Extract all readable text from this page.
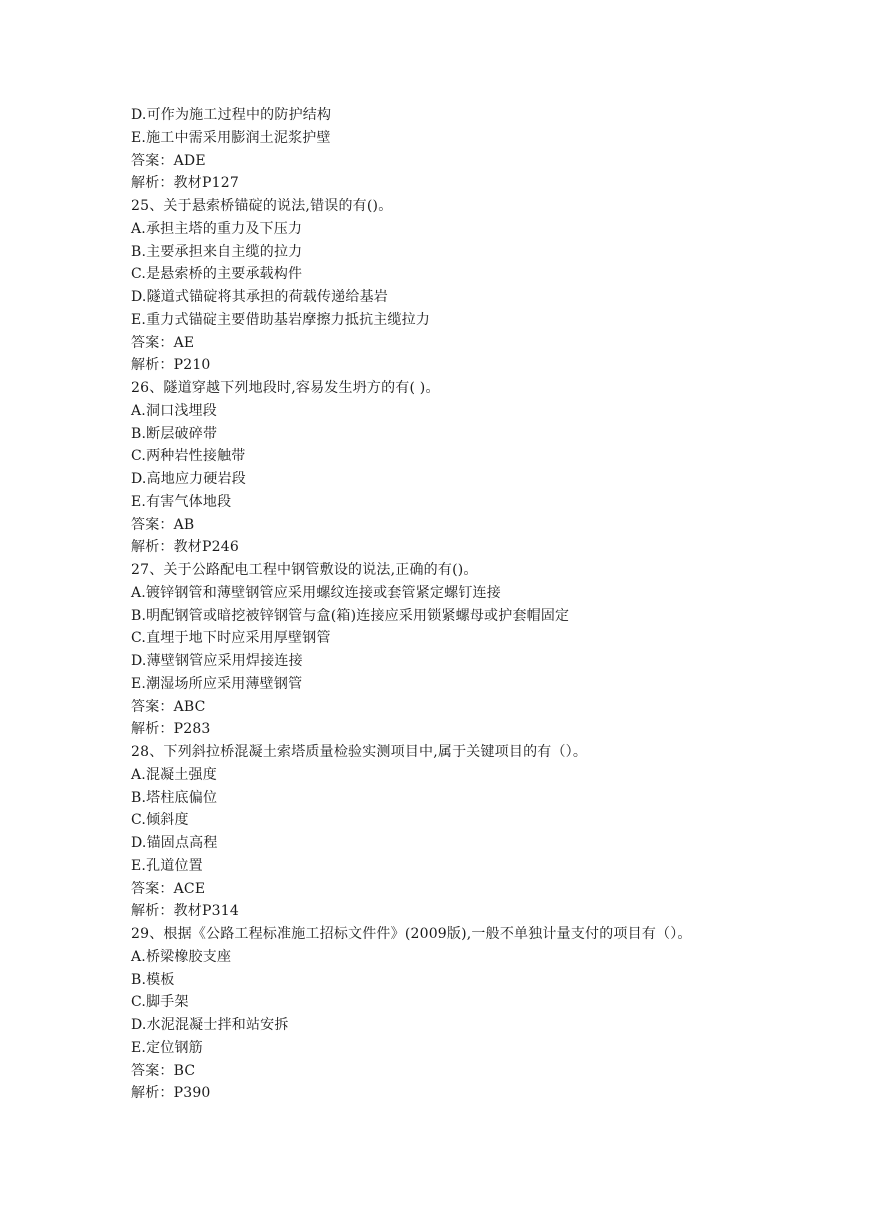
D.可作为施工过程中的防护结构
E.施工中需采用膨润土泥浆护壁
答案：ADE
解析：教材P127
25、关于悬索桥锚碇的说法,错误的有()。
A.承担主塔的重力及下压力
B.主要承担来自主缆的拉力
C.是悬索桥的主要承载构件
D.隧道式锚碇将其承担的荷载传递给基岩
E.重力式锚碇主要借助基岩摩擦力抵抗主缆拉力
答案：AE
解析：P210
26、隧道穿越下列地段时,容易发生坍方的有( )。
A.洞口浅埋段
B.断层破碎带
C.两种岩性接触带
D.高地应力硬岩段
E.有害气体地段
答案：AB
解析：教材P246
27、关于公路配电工程中钢管敷设的说法,正确的有()。
A.镀锌钢管和薄壁钢管应采用螺纹连接或套管紧定螺钉连接
B.明配钢管或暗挖被锌钢管与盒(箱)连接应采用锁紧螺母或护套帽固定
C.直埋于地下时应采用厚壁钢管
D.薄壁钢管应采用焊接连接
E.潮湿场所应采用薄壁钢管
答案：ABC
解析：P283
28、下列斜拉桥混凝土索塔质量检验实测项目中,属于关键项目的有（）。
A.混凝土强度
B.塔柱底偏位
C.倾斜度
D.锚固点高程
E.孔道位置
答案：ACE
解析：教材P314
29、根据《公路工程标准施工招标文件件》(2009版),一般不单独计量支付的项目有（）。
A.桥梁橡胶支座
B.模板
C.脚手架
D.水泥混凝士拌和站安拆
E.定位钢筋
答案：BC
解析：P390
